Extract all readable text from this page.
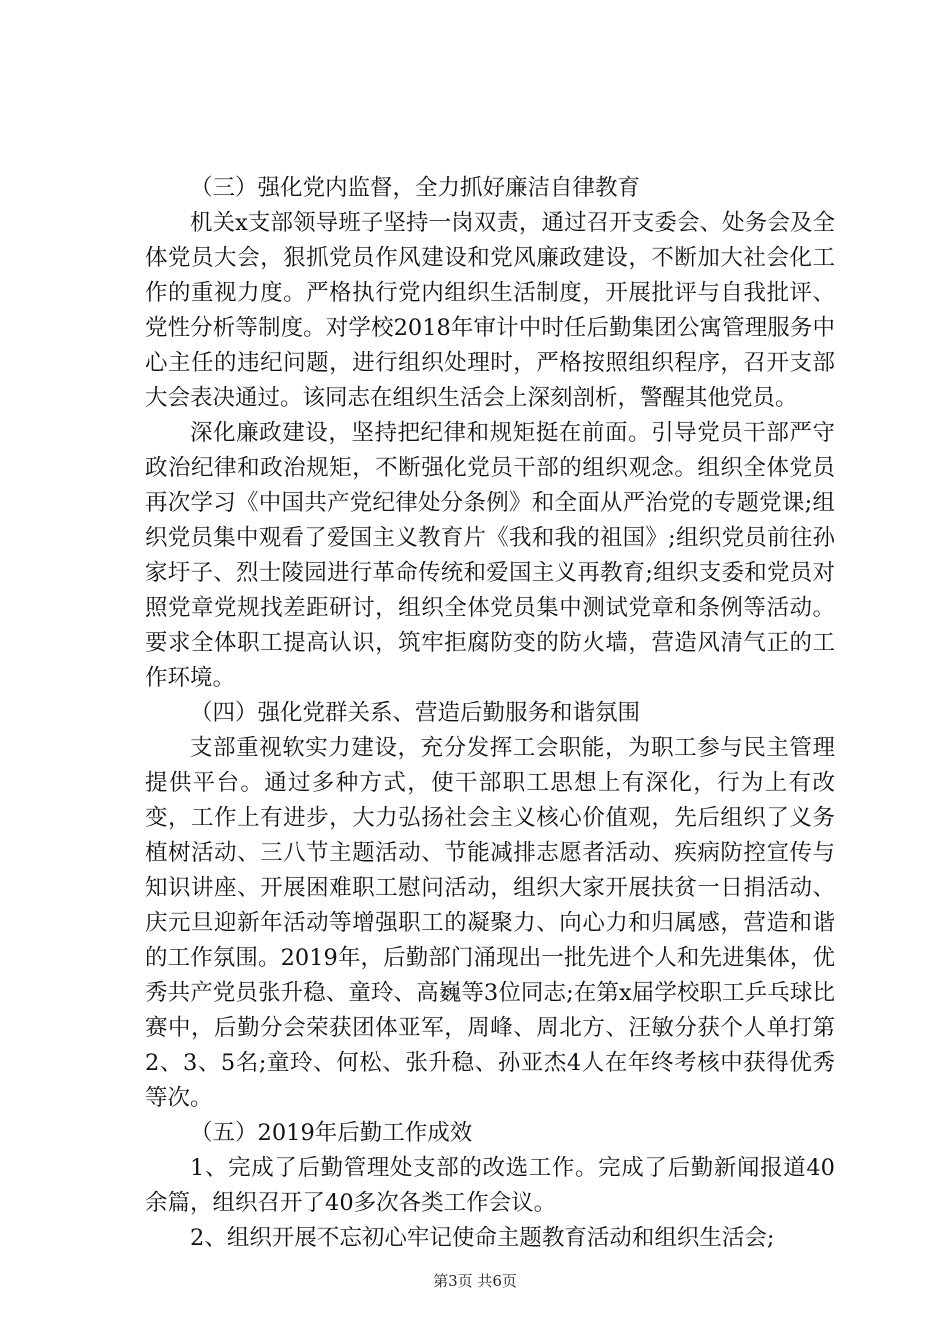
（三）强化党内监督，全力抓好廉洁自律教育

机关x支部领导班子坚持一岗双责，通过召开支委会、处务会及全体党员大会，狠抓党员作风建设和党风廉政建设，不断加大社会化工作的重视力度。严格执行党内组织生活制度，开展批评与自我批评、党性分析等制度。对学校2018年审计中时任后勤集团公寓管理服务中心主任的违纪问题，进行组织处理时，严格按照组织程序，召开支部大会表决通过。该同志在组织生活会上深刻剖析，警醒其他党员。

深化廉政建设，坚持把纪律和规矩挺在前面。引导党员干部严守政治纪律和政治规矩，不断强化党员干部的组织观念。组织全体党员再次学习《中国共产党纪律处分条例》和全面从严治党的专题党课;组织党员集中观看了爱国主义教育片《我和我的祖国》;组织党员前往孙家圩子、烈士陵园进行革命传统和爱国主义再教育;组织支委和党员对照党章党规找差距研讨，组织全体党员集中测试党章和条例等活动。要求全体职工提高认识，筑牢拒腐防变的防火墙，营造风清气正的工作环境。

（四）强化党群关系、营造后勤服务和谐氛围

支部重视软实力建设，充分发挥工会职能，为职工参与民主管理提供平台。通过多种方式，使干部职工思想上有深化，行为上有改变，工作上有进步，大力弘扬社会主义核心价值观，先后组织了义务植树活动、三八节主题活动、节能减排志愿者活动、疾病防控宣传与知识讲座、开展困难职工慰问活动，组织大家开展扶贫一日捐活动、庆元旦迎新年活动等增强职工的凝聚力、向心力和归属感，营造和谐的工作氛围。2019年，后勤部门涌现出一批先进个人和先进集体，优秀共产党员张升稳、童玲、高巍等3位同志;在第x届学校职工乒乓球比赛中，后勤分会荣获团体亚军，周峰、周北方、汪敏分获个人单打第2、3、5名;童玲、何松、张升稳、孙亚杰4人在年终考核中获得优秀等次。

（五）2019年后勤工作成效

1、完成了后勤管理处支部的改选工作。完成了后勤新闻报道40余篇，组织召开了40多次各类工作会议。

2、组织开展不忘初心牢记使命主题教育活动和组织生活会;

第3页 共6页
